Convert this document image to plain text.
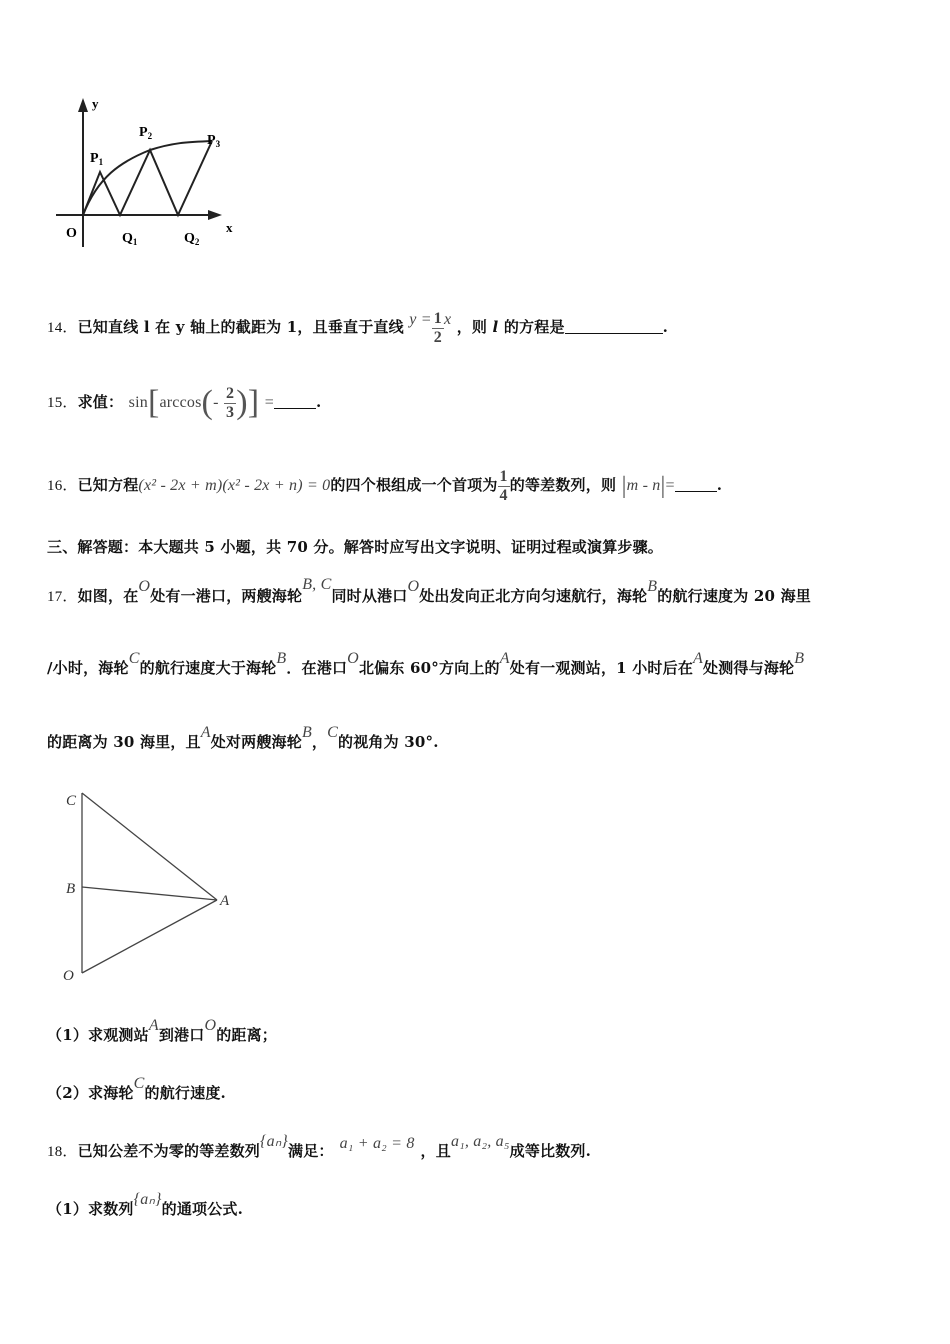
y
x
O
$P_1$
$P_2$	$P_3$
$Q_1$	$Q_2$
14．已知直线 l 在 y 轴上的截距为 1，且垂直于直线 $y = \frac{1}{2}$ x ，则 l 的方程是	.
15．求值： $\sin[\arccos(- \frac{2}{3}$ )] =	.
16．已知方程(x² - 2x + m)(x² - 2x + n) = 0的四个根组成一个首项为 $\frac{1}{4}$ 的等差数列，则 |m - n|=	.
三、解答题：本大题共 5 小题，共 70 分。解答时应写出文字说明、证明过程或演算步骤。
17．如图，在O处有一港口，两艘海轮B, C同时从港口O处出发向正北方向匀速航行，海轮B的航行速度为 20 海里
/小时，海轮C的航行速度大于海轮B．在港口O北偏东 60°方向上的A处有一观测站，1 小时后在A处测得与海轮B
的距离为 30 海里，且A处对两艘海轮B，C的视角为 30°.
C
B
A
O
（1）求观测站A到港口O的距离；
（2）求海轮C的航行速度.
18．已知公差不为零的等差数列{aₙ}满足： a₁ + a₂ = 8 ，且a₁, a₂, a₅成等比数列.
（1）求数列{aₙ}的通项公式.
